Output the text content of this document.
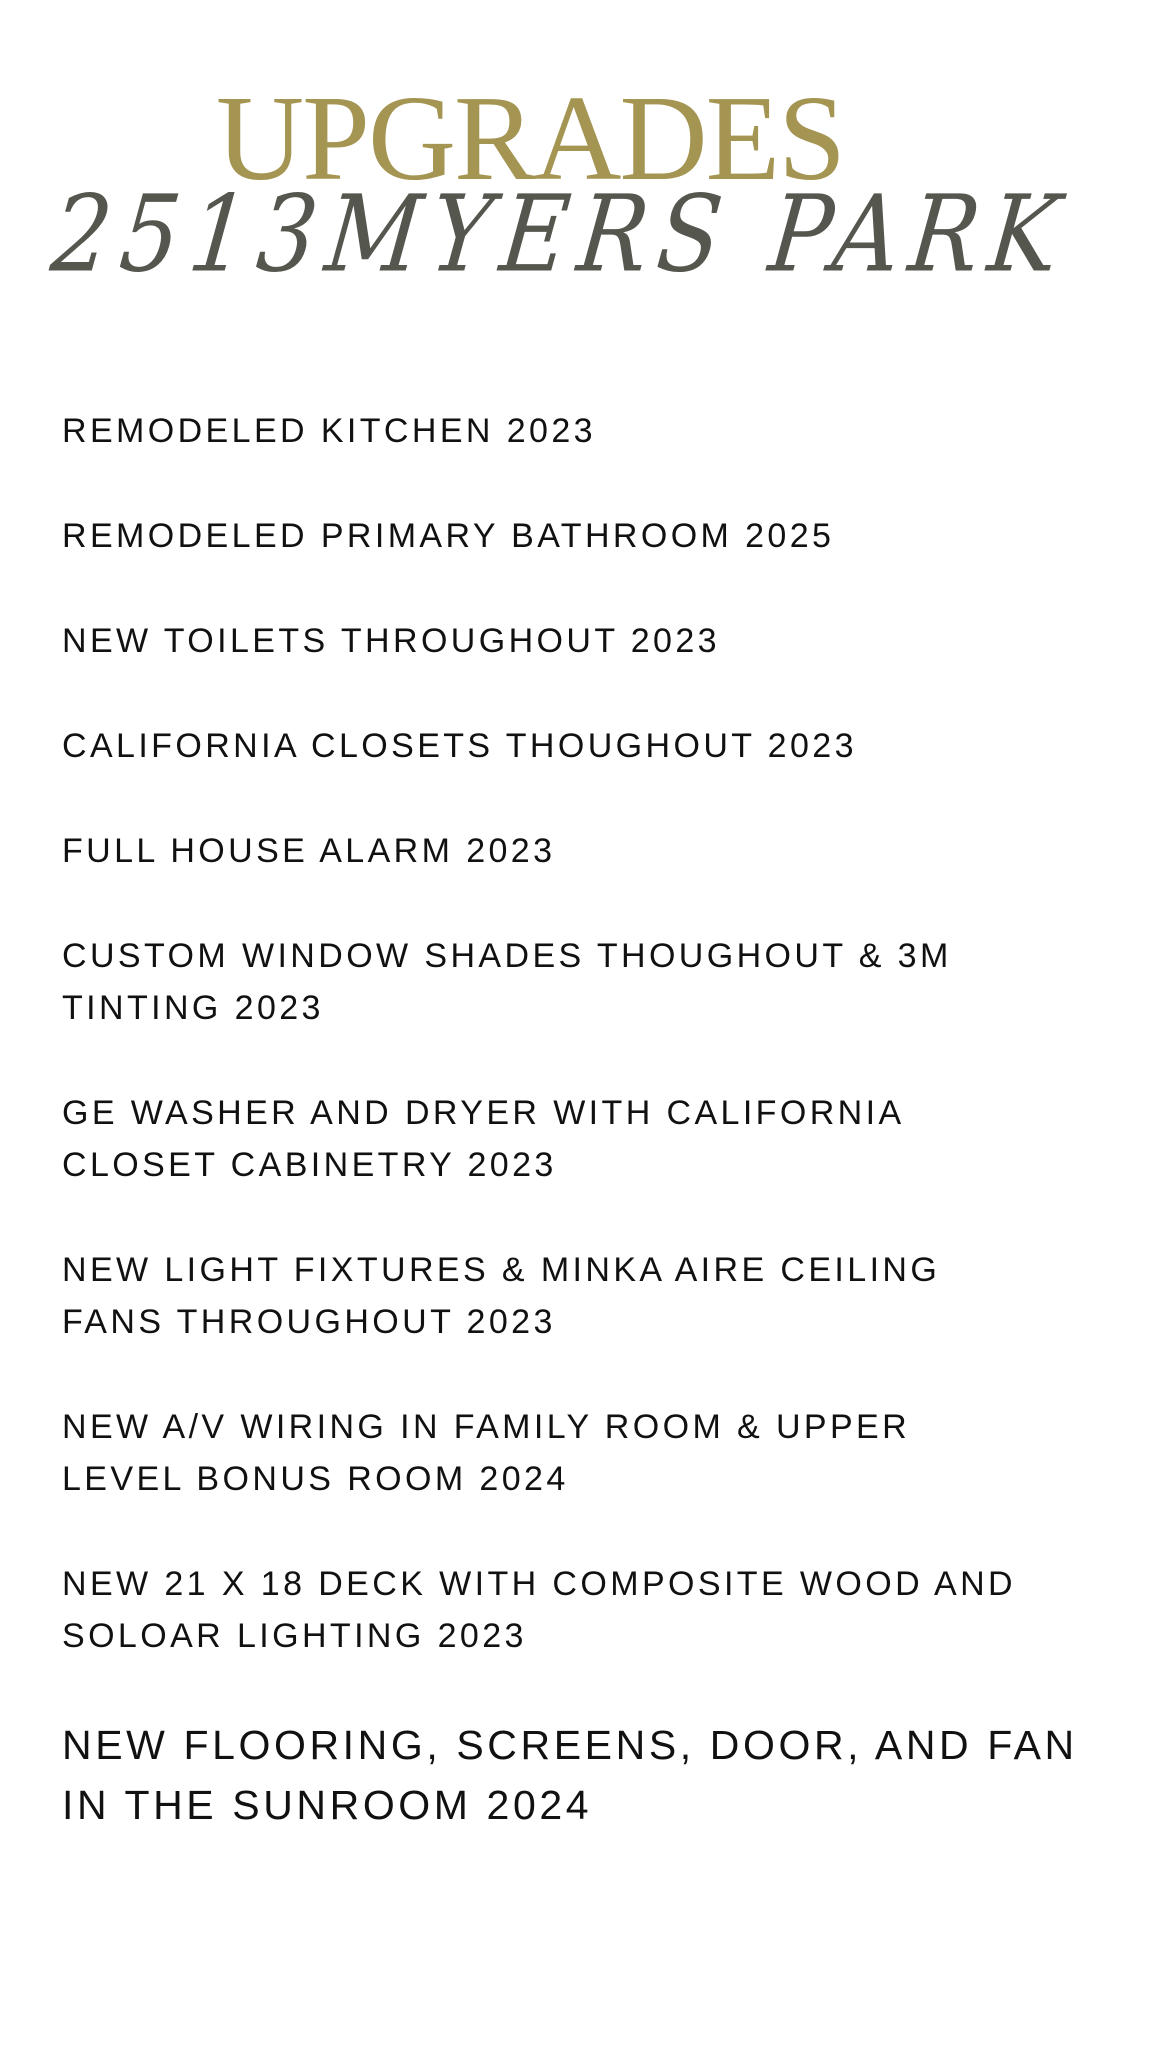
UPGRADES
2513MYERS PARK
REMODELED KITCHEN 2023
REMODELED PRIMARY BATHROOM 2025
NEW TOILETS THROUGHOUT 2023
CALIFORNIA CLOSETS THOUGHOUT 2023
FULL HOUSE ALARM 2023
CUSTOM WINDOW SHADES THOUGHOUT & 3M
TINTING 2023
GE WASHER AND DRYER WITH CALIFORNIA
CLOSET CABINETRY 2023
NEW LIGHT FIXTURES & MINKA AIRE CEILING
FANS THROUGHOUT 2023
NEW A/V WIRING IN FAMILY ROOM & UPPER
LEVEL BONUS ROOM 2024
NEW 21 X 18 DECK WITH COMPOSITE WOOD AND
SOLOAR LIGHTING 2023
NEW FLOORING, SCREENS, DOOR, AND FAN
IN THE SUNROOM 2024
